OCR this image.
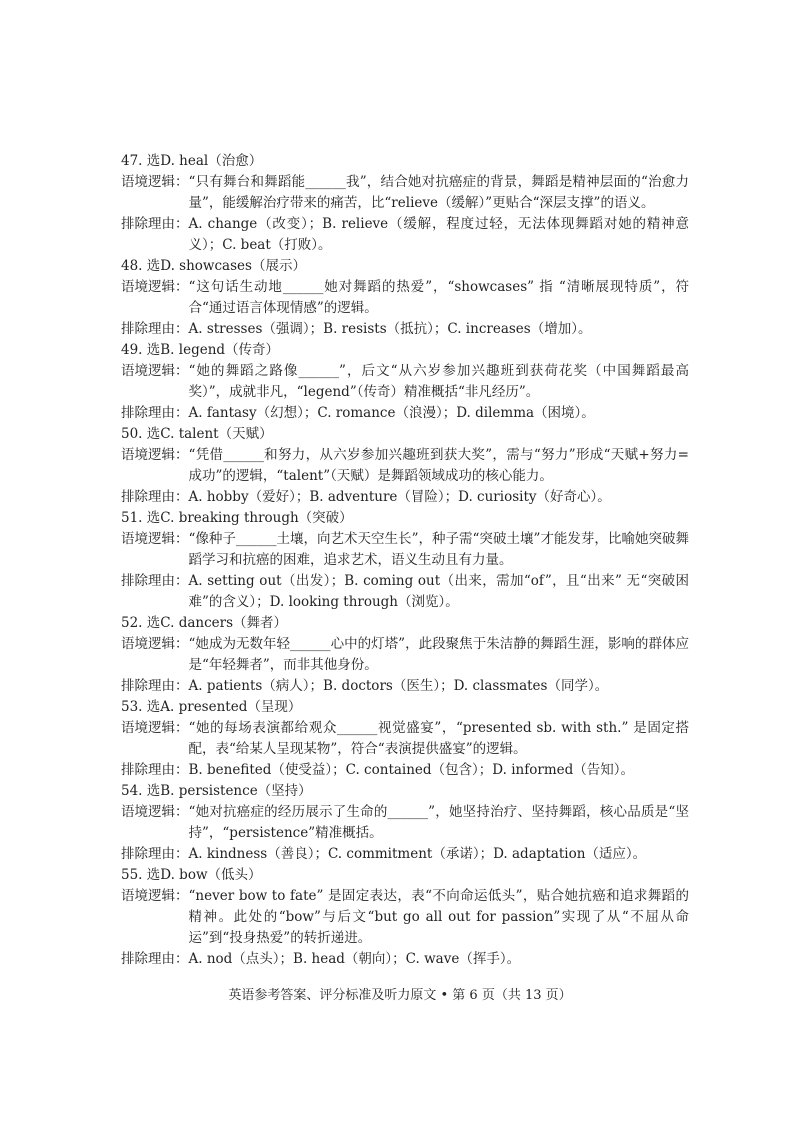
47. 选D. heal（治愈）
语境逻辑： “只有舞台和舞蹈能______我”，结合她对抗癌症的背景，舞蹈是精神层面的“治愈力量”，能缓解治疗带来的痛苦，比“relieve（缓解）”更贴合“深层支撑”的语义。
排除理由： A. change（改变）；B. relieve（缓解，程度过轻，无法体现舞蹈对她的精神意义）；C. beat（打败）。
48. 选D. showcases（展示）
语境逻辑： “这句话生动地______她对舞蹈的热爱”，“showcases” 指 “清晰展现特质”，符合“通过语言体现情感”的逻辑。
排除理由： A. stresses（强调）；B. resists（抵抗）；C. increases（增加）。
49. 选B. legend（传奇）
语境逻辑： “她的舞蹈之路像______”，后文“从六岁参加兴趣班到获荷花奖（中国舞蹈最高奖）”，成就非凡，“legend”（传奇）精准概括“非凡经历”。
排除理由： A. fantasy（幻想）；C. romance（浪漫）；D. dilemma（困境）。
50. 选C. talent（天赋）
语境逻辑： “凭借______和努力，从六岁参加兴趣班到获大奖”，需与“努力”形成“天赋+努力=成功”的逻辑，“talent”（天赋）是舞蹈领域成功的核心能力。
排除理由： A. hobby（爱好）；B. adventure（冒险）；D. curiosity（好奇心）。
51. 选C. breaking through（突破）
语境逻辑： “像种子______土壤，向艺术天空生长”，种子需“突破土壤”才能发芽，比喻她突破舞蹈学习和抗癌的困难，追求艺术，语义生动且有力量。
排除理由： A. setting out（出发）；B. coming out（出来，需加“of”，且“出来” 无“突破困难”的含义）；D. looking through（浏览）。
52. 选C. dancers（舞者）
语境逻辑： “她成为无数年轻______心中的灯塔”，此段聚焦于朱洁静的舞蹈生涯，影响的群体应是“年轻舞者”，而非其他身份。
排除理由： A. patients（病人）；B. doctors（医生）；D. classmates（同学）。
53. 选A. presented（呈现）
语境逻辑： “她的每场表演都给观众______视觉盛宴”，“presented sb. with sth.” 是固定搭配，表“给某人呈现某物”，符合“表演提供盛宴”的逻辑。
排除理由： B. benefited（使受益）；C. contained（包含）；D. informed（告知）。
54. 选B. persistence（坚持）
语境逻辑： “她对抗癌症的经历展示了生命的______”，她坚持治疗、坚持舞蹈，核心品质是“坚持”，“persistence”精准概括。
排除理由： A. kindness（善良）；C. commitment（承诺）；D. adaptation（适应）。
55. 选D. bow（低头）
语境逻辑： “never bow to fate” 是固定表达，表“不向命运低头”，贴合她抗癌和追求舞蹈的精神。此处的“bow”与后文“but go all out for passion”实现了从“不屈从命运”到“投身热爱”的转折递进。
排除理由： A. nod（点头）；B. head（朝向）；C. wave（挥手）。
英语参考答案、评分标准及听力原文 • 第 6 页（共 13 页）
